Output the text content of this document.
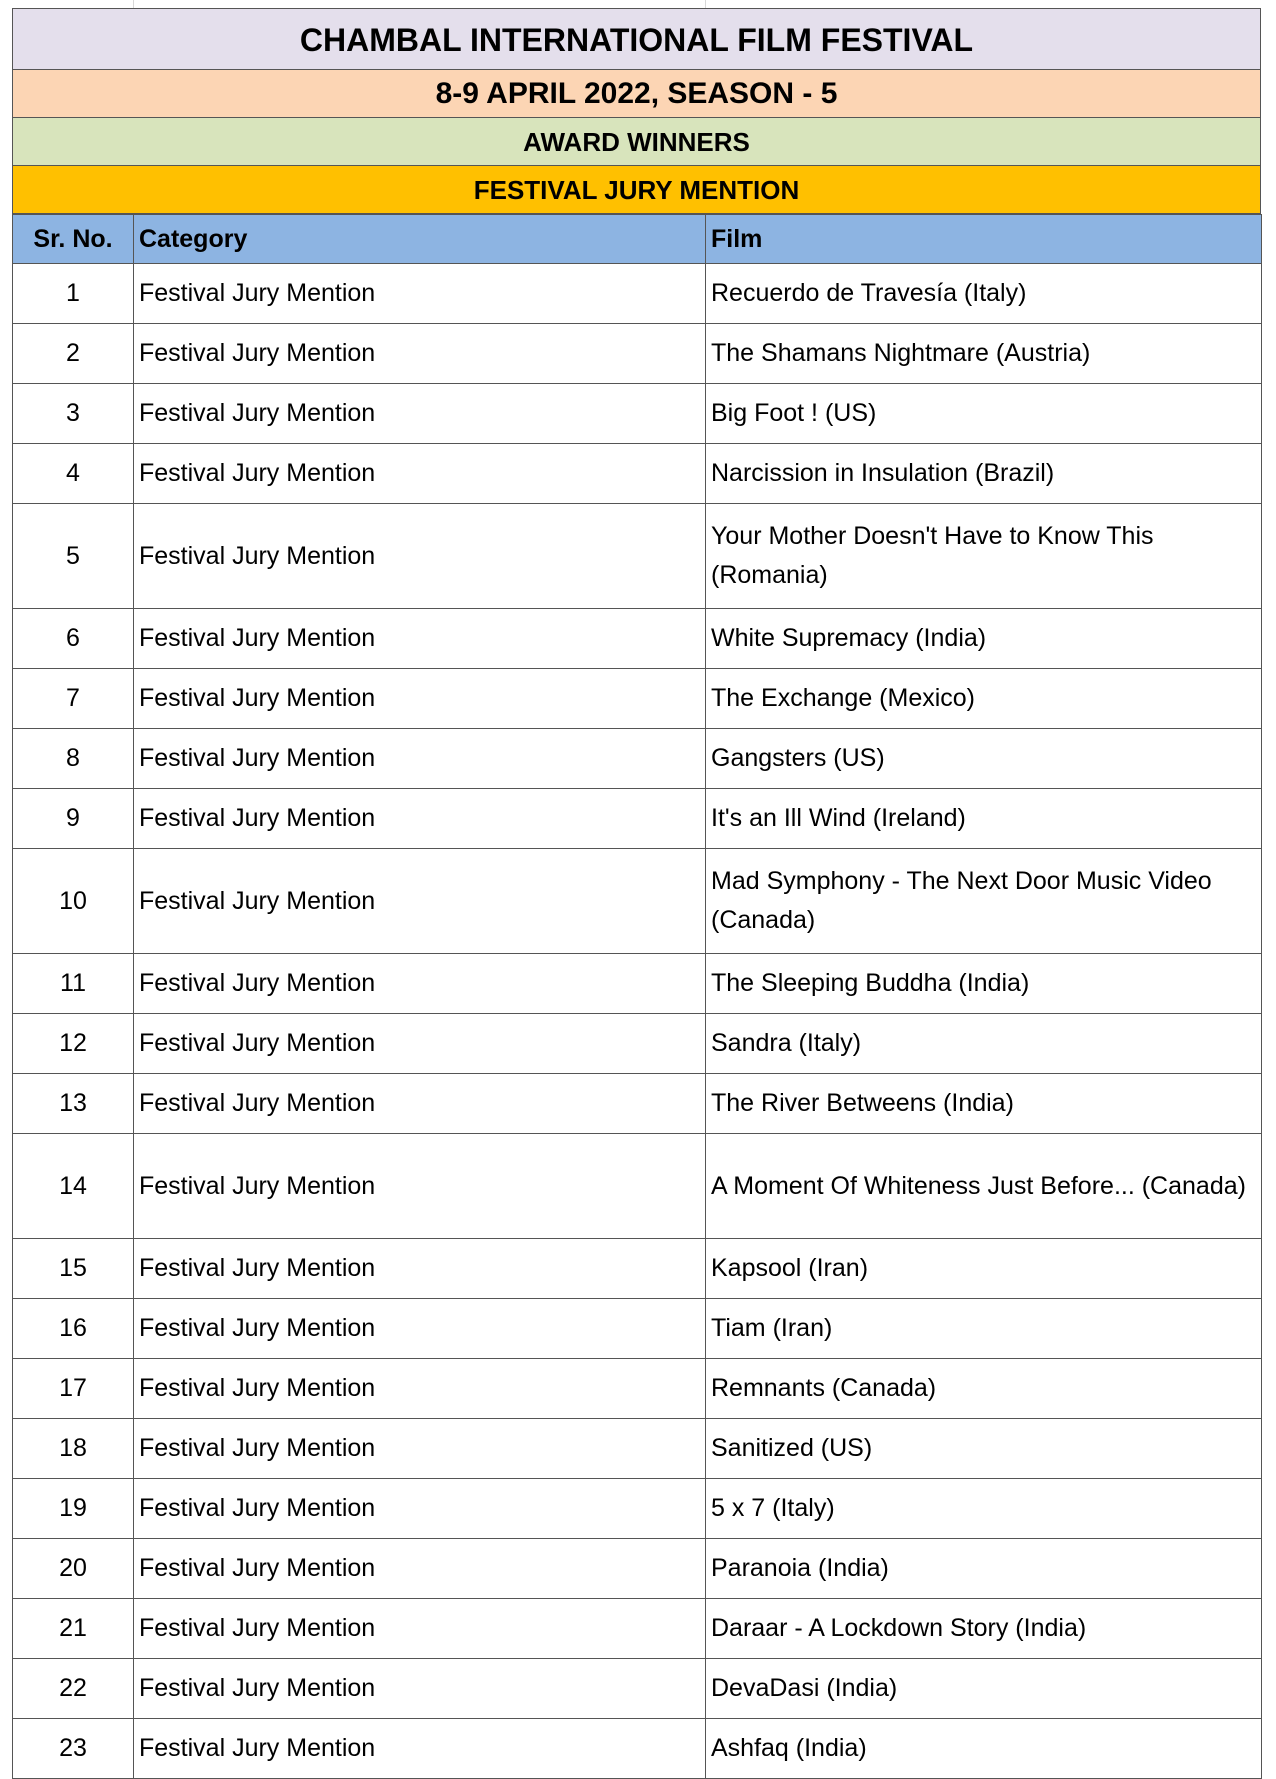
CHAMBAL INTERNATIONAL FILM FESTIVAL
8-9 APRIL 2022, SEASON - 5
AWARD WINNERS
FESTIVAL JURY MENTION
Sr. No.	Category	Film
1	Festival Jury Mention	Recuerdo de Travesía (Italy)
2	Festival Jury Mention	The Shamans Nightmare (Austria)
3	Festival Jury Mention	Big Foot ! (US)
4	Festival Jury Mention	Narcission in Insulation (Brazil)
5	Festival Jury Mention	Your Mother Doesn't Have to Know This (Romania)
6	Festival Jury Mention	White Supremacy (India)
7	Festival Jury Mention	The Exchange (Mexico)
8	Festival Jury Mention	Gangsters (US)
9	Festival Jury Mention	It's an Ill Wind (Ireland)
10	Festival Jury Mention	Mad Symphony - The Next Door Music Video (Canada)
11	Festival Jury Mention	The Sleeping Buddha (India)
12	Festival Jury Mention	Sandra (Italy)
13	Festival Jury Mention	The River Betweens (India)
14	Festival Jury Mention	A Moment Of Whiteness Just Before... (Canada)
15	Festival Jury Mention	Kapsool (Iran)
16	Festival Jury Mention	Tiam (Iran)
17	Festival Jury Mention	Remnants (Canada)
18	Festival Jury Mention	Sanitized (US)
19	Festival Jury Mention	5 x 7 (Italy)
20	Festival Jury Mention	Paranoia (India)
21	Festival Jury Mention	Daraar - A Lockdown Story (India)
22	Festival Jury Mention	DevaDasi (India)
23	Festival Jury Mention	Ashfaq (India)
